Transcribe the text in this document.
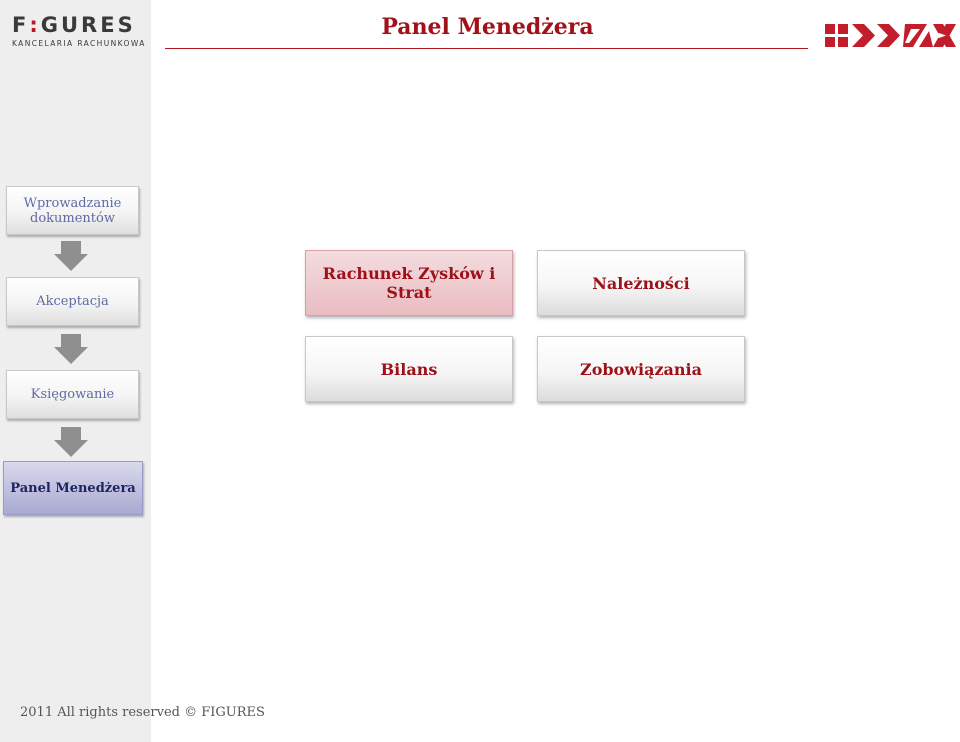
F: GURES
KANCELARIA RACHUNKOWA
Panel Menedżera
Wprowadzanie dokumentów
Akceptacja
Księgowanie
Panel Menedżera
Rachunek Zysków i Strat	Należności
Bilans	Zobowiązania
2011 All rights reserved © FIGURES
